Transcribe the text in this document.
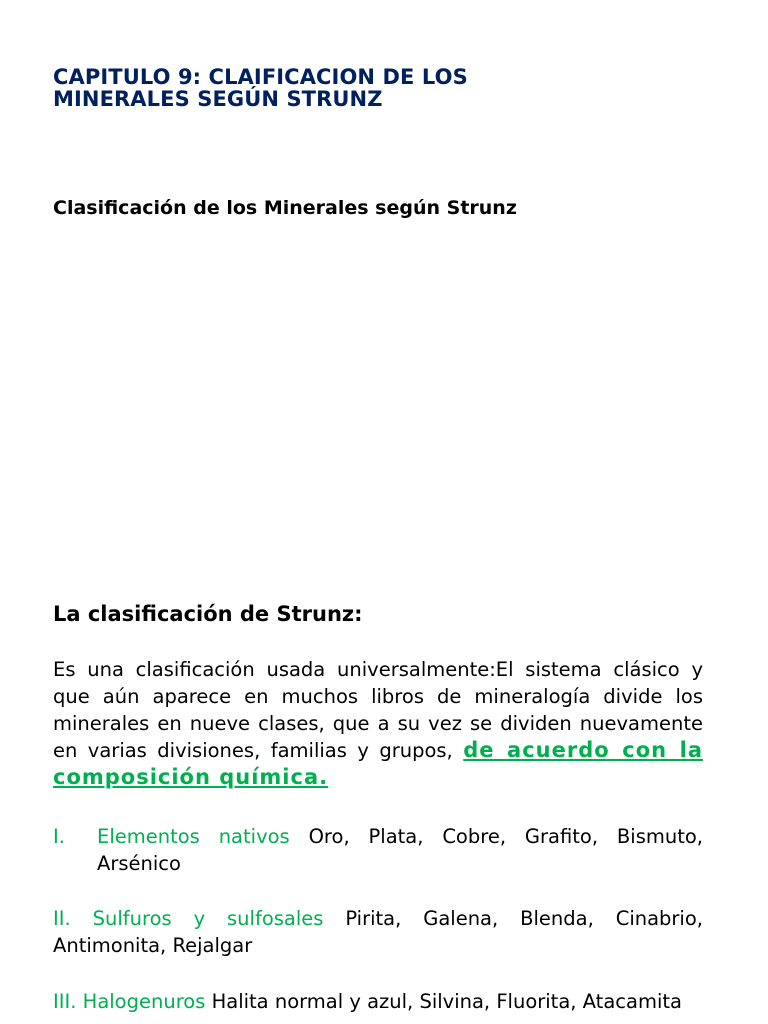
CAPITULO 9: CLAIFICACION DE LOS
MINERALES SEGÚN STRUNZ
Clasificación de los Minerales según Strunz
La clasificación de Strunz:

Es una clasificación usada universalmente:El sistema clásico y que aún aparece en muchos libros de mineralogía divide los minerales en nueve clases, que a su vez se dividen nuevamente en varias divisiones, familias y grupos, de acuerdo con la composición química.

I. Elementos nativos Oro, Plata, Cobre, Grafito, Bismuto, Arsénico

II. Sulfuros y sulfosales Pirita, Galena, Blenda, Cinabrio, Antimonita, Rejalgar

III. Halogenuros Halita normal y azul, Silvina, Fluorita, Atacamita
